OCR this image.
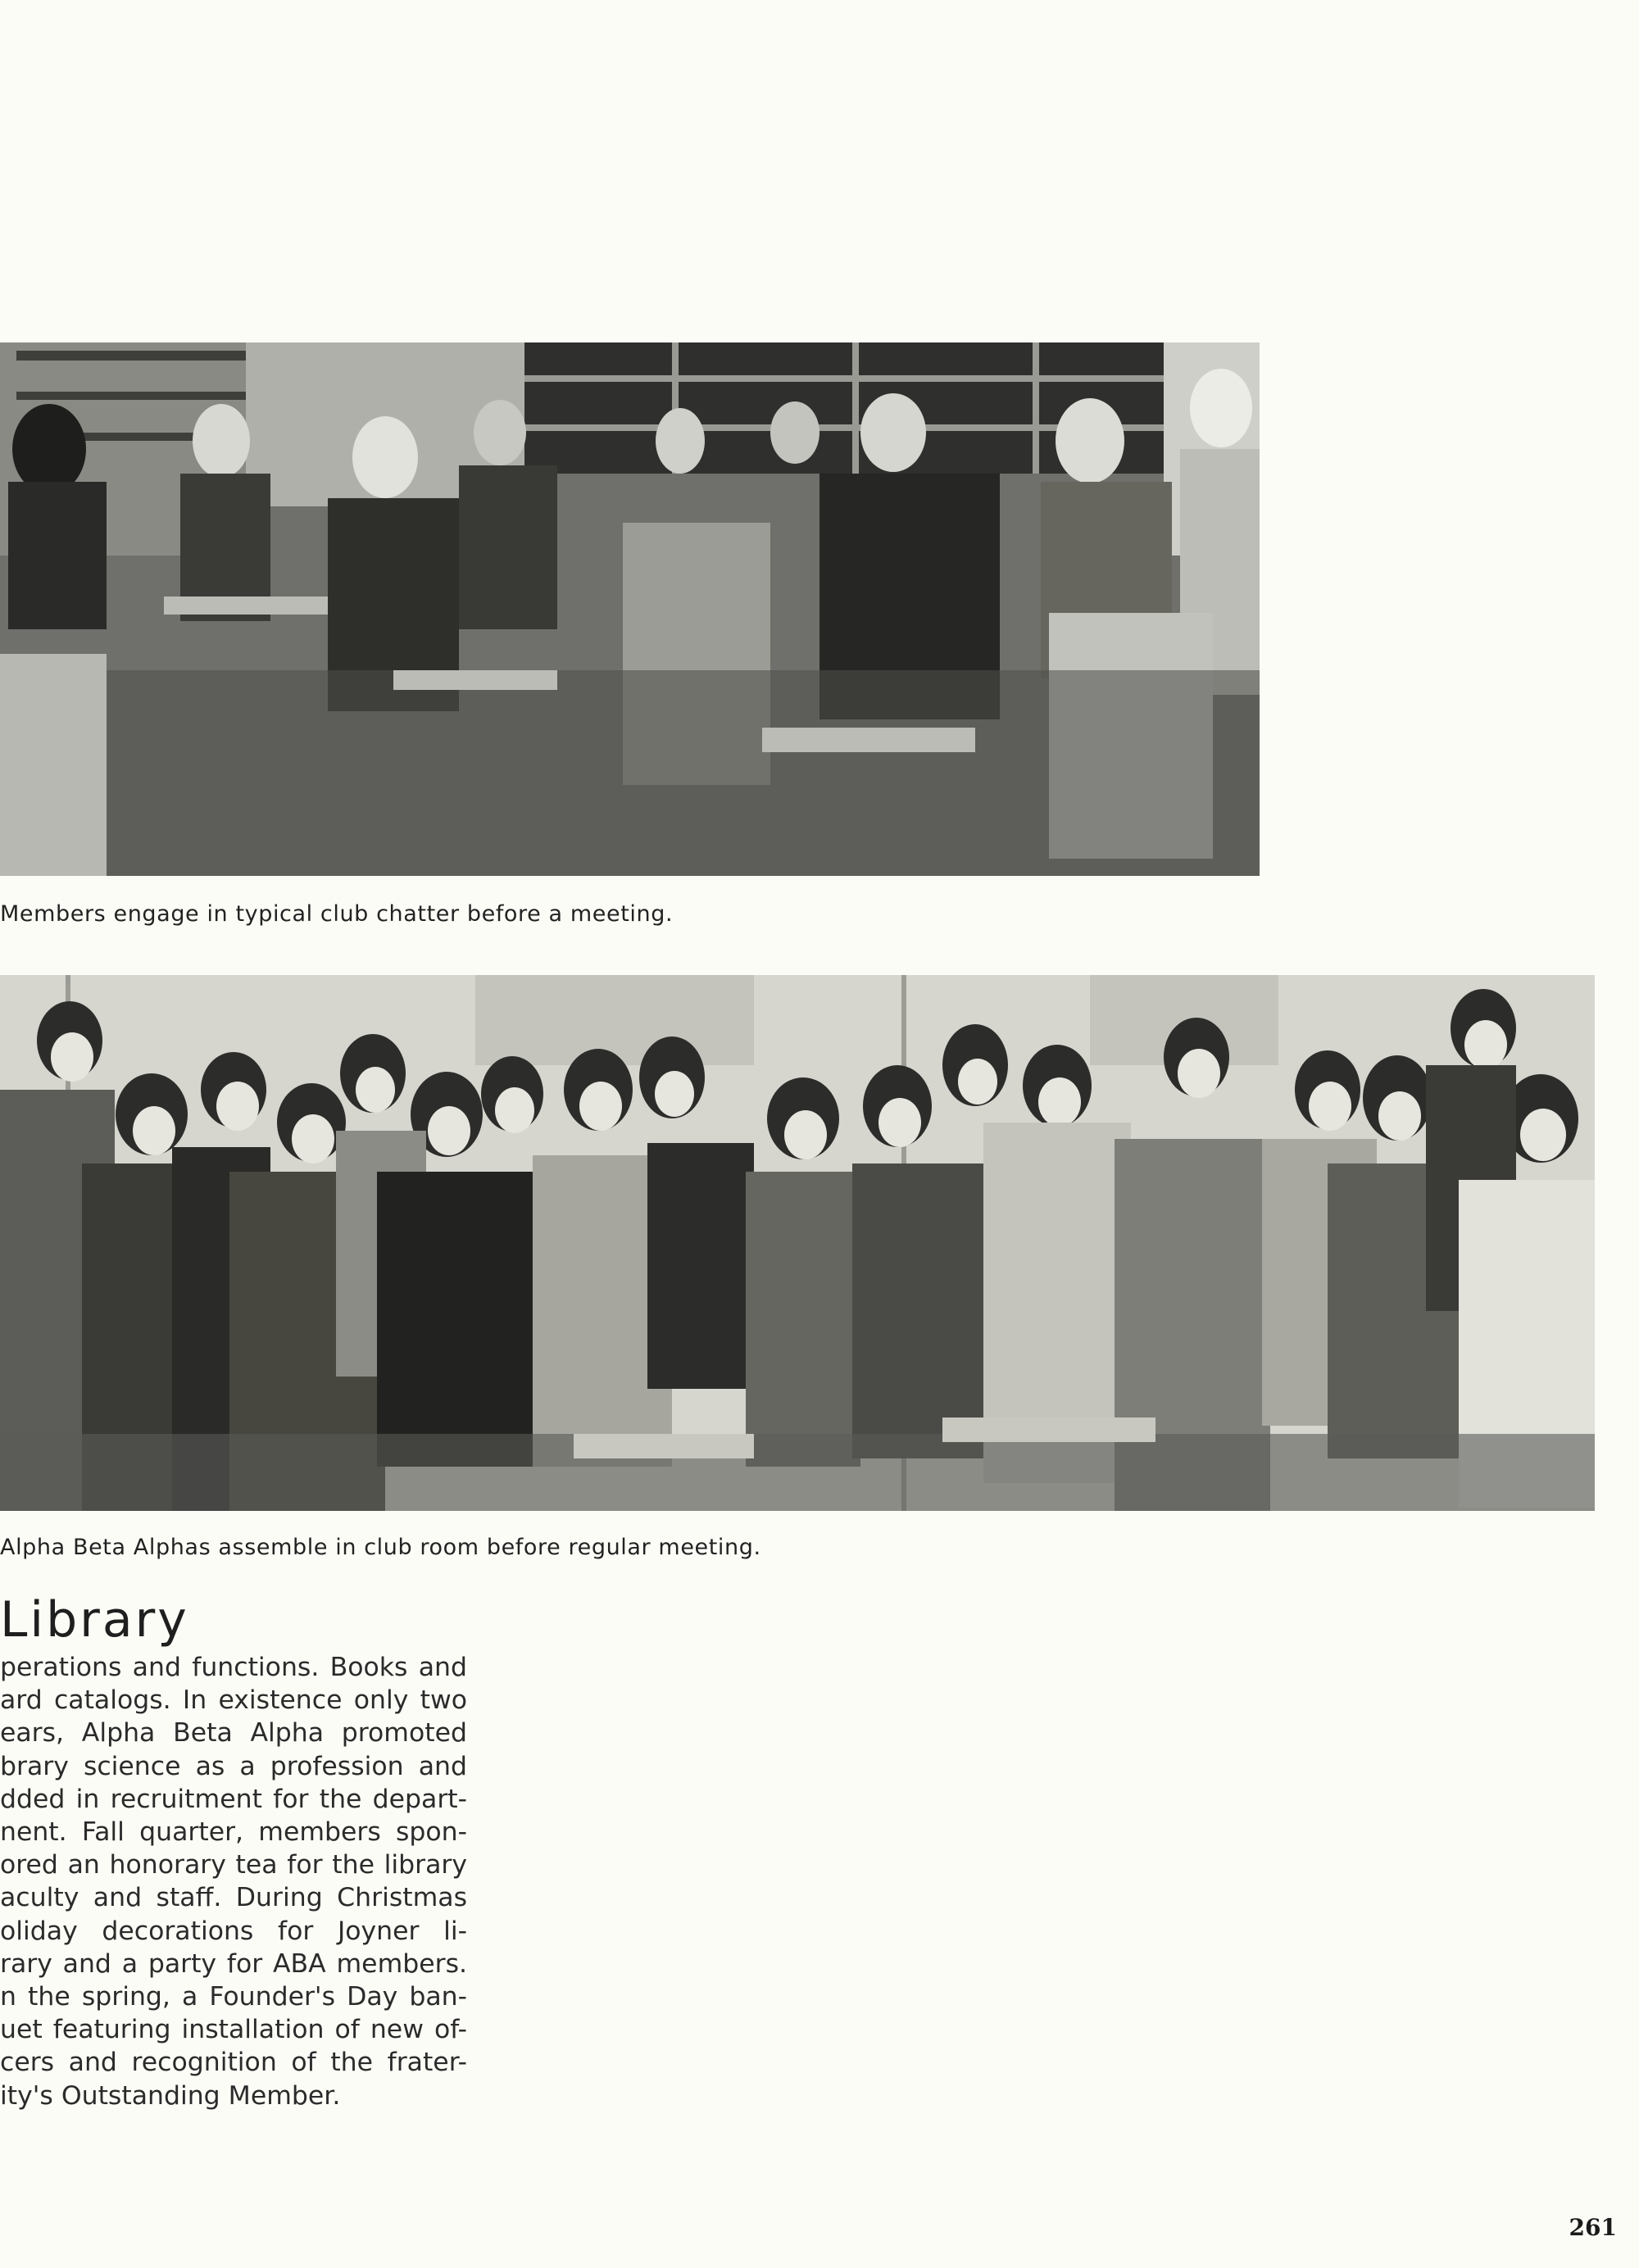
Members engage in typical club chatter before a meeting.

Alpha Beta Alphas assemble in club room before regular meeting.

Library

perations and functions. Books and
ard catalogs. In existence only two
ears, Alpha Beta Alpha promoted
brary science as a profession and
dded in recruitment for the depart-
nent. Fall quarter, members spon-
ored an honorary tea for the library
aculty and staff. During Christmas
oliday decorations for Joyner li-
rary and a party for ABA members.
n the spring, a Founder's Day ban-
uet featuring installation of new of-
cers and recognition of the frater-
ity's Outstanding Member.

261
